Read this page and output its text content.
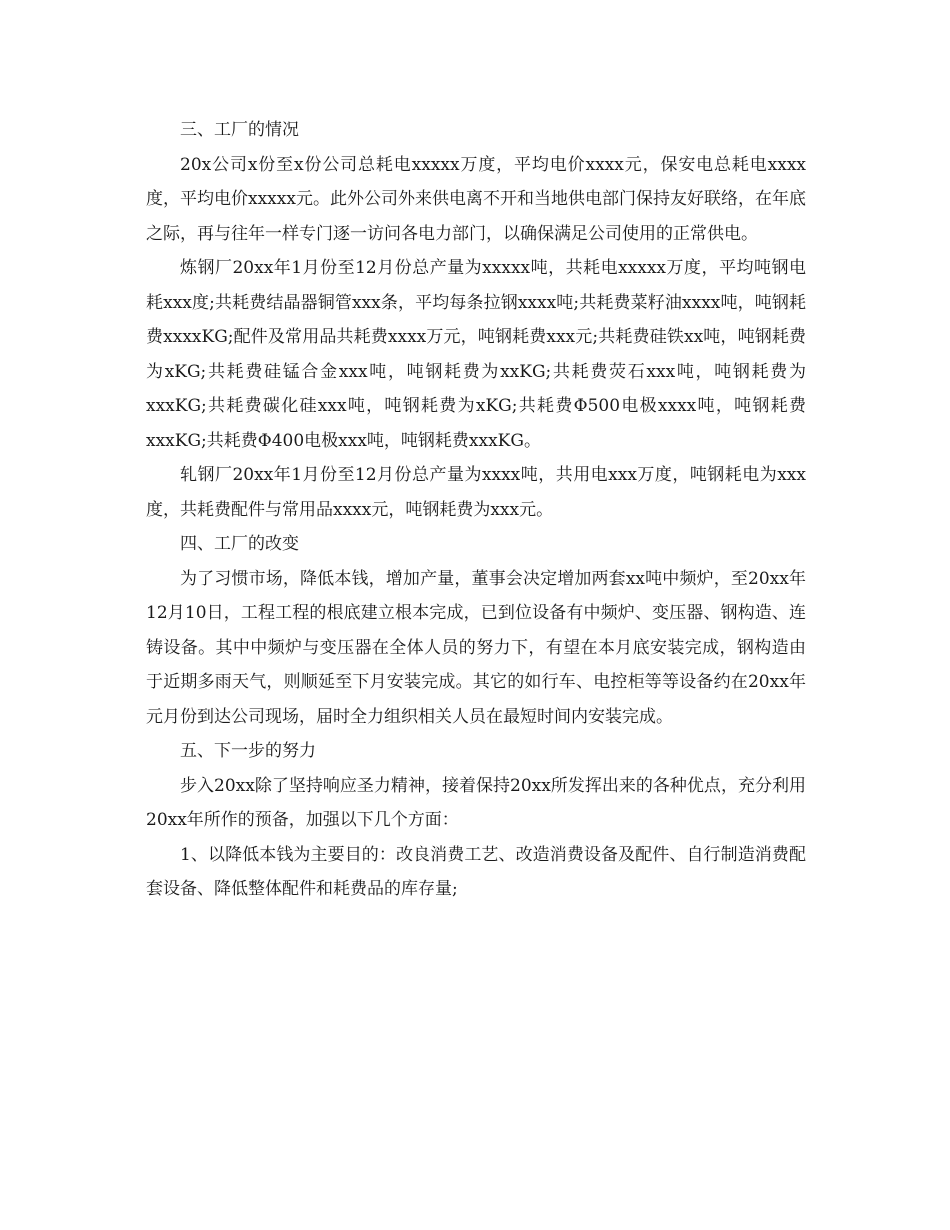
三、工厂的情况

20x公司x份至x份公司总耗电xxxxx万度，平均电价xxxx元，保安电总耗电xxxx度，平均电价xxxxx元。此外公司外来供电离不开和当地供电部门保持友好联络，在年底之际，再与往年一样专门逐一访问各电力部门，以确保满足公司使用的正常供电。

炼钢厂20xx年1月份至12月份总产量为xxxxx吨，共耗电xxxxx万度，平均吨钢电耗xxx度;共耗费结晶器铜管xxx条，平均每条拉钢xxxx吨;共耗费菜籽油xxxx吨，吨钢耗费xxxxKG;配件及常用品共耗费xxxx万元，吨钢耗费xxx元;共耗费硅铁xx吨，吨钢耗费为xKG;共耗费硅锰合金xxx吨，吨钢耗费为xxKG;共耗费荧石xxx吨，吨钢耗费为xxxKG;共耗费碳化硅xxx吨，吨钢耗费为xKG;共耗费Φ500电极xxxx吨，吨钢耗费xxxKG;共耗费Φ400电极xxx吨，吨钢耗费xxxKG。

轧钢厂20xx年1月份至12月份总产量为xxxx吨，共用电xxx万度，吨钢耗电为xxx度，共耗费配件与常用品xxxx元，吨钢耗费为xxx元。

四、工厂的改变

为了习惯市场，降低本钱，增加产量，董事会决定增加两套xx吨中频炉，至20xx年12月10日，工程工程的根底建立根本完成，已到位设备有中频炉、变压器、钢构造、连铸设备。其中中频炉与变压器在全体人员的努力下，有望在本月底安装完成，钢构造由于近期多雨天气，则顺延至下月安装完成。其它的如行车、电控柜等等设备约在20xx年元月份到达公司现场，届时全力组织相关人员在最短时间内安装完成。

五、下一步的努力

步入20xx除了坚持响应圣力精神，接着保持20xx所发挥出来的各种优点，充分利用20xx年所作的预备，加强以下几个方面：

1、以降低本钱为主要目的：改良消费工艺、改造消费设备及配件、自行制造消费配套设备、降低整体配件和耗费品的库存量;
